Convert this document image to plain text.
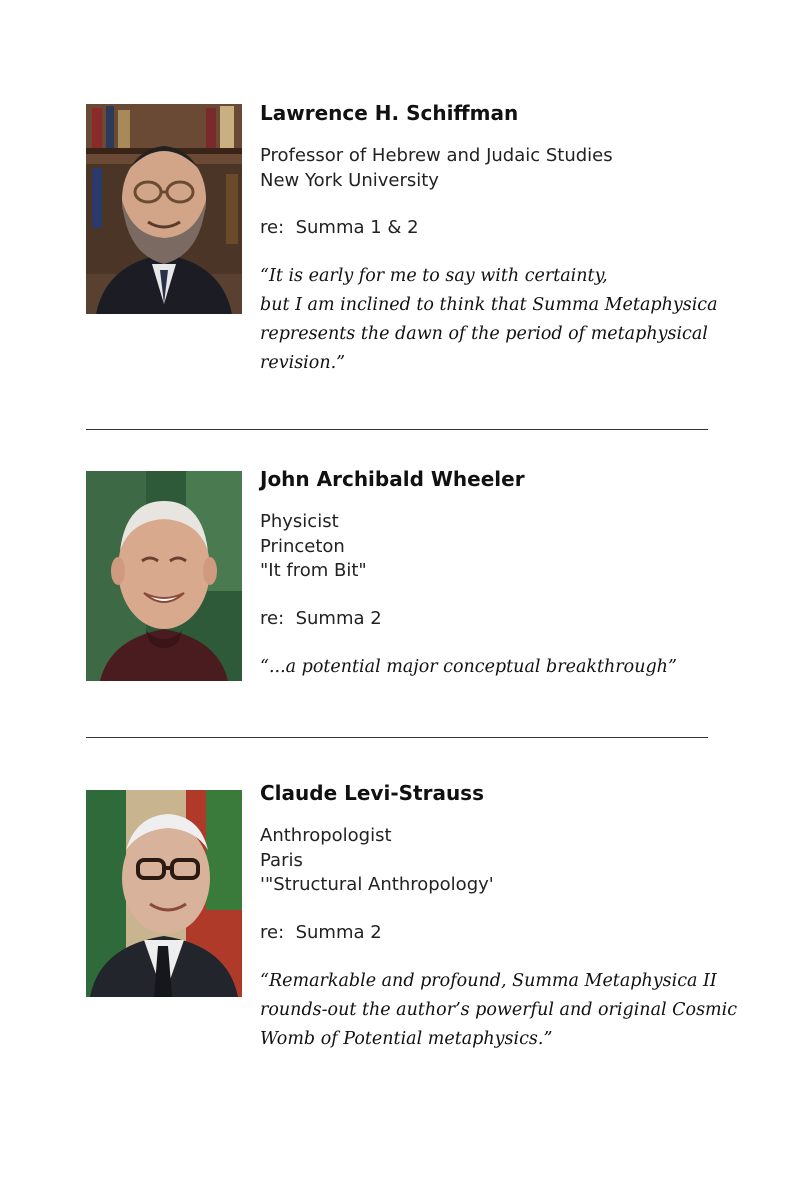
Lawrence H. Schiffman
Professor of Hebrew and Judaic Studies
New York University
re:  Summa 1 & 2
“It is early for me to say with certainty,
but I am inclined to think that Summa Metaphysica
represents the dawn of the period of metaphysical
revision.”
John Archibald Wheeler
Physicist
Princeton
"It from Bit"
re:  Summa 2
“...a potential major conceptual breakthrough”
Claude Levi-Strauss
Anthropologist
Paris
'"Structural Anthropology'
re:  Summa 2
“Remarkable and profound, Summa Metaphysica II
rounds-out the author’s powerful and original Cosmic
Womb of Potential metaphysics.”
